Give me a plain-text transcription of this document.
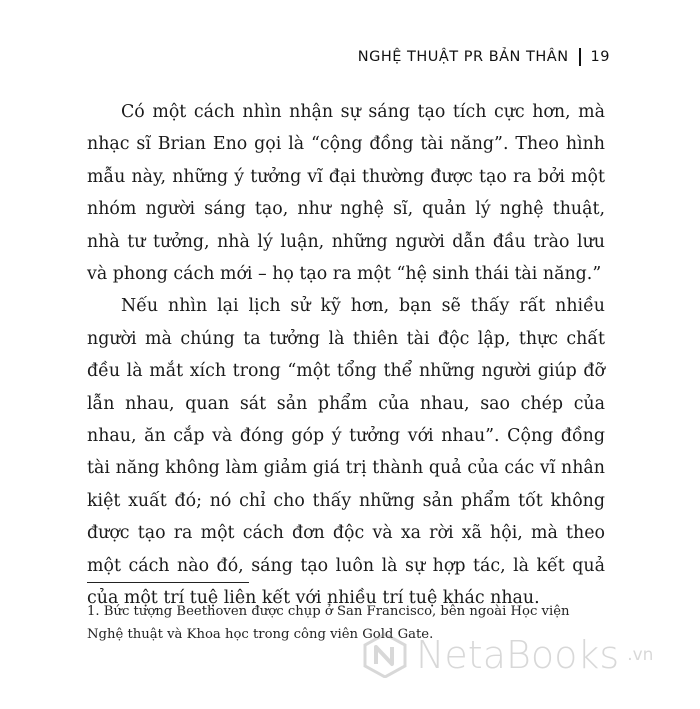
NGHỆ THUẬT PR BẢN THÂN 19

Có một cách nhìn nhận sự sáng tạo tích cực hơn, mà nhạc sĩ Brian Eno gọi là “cộng đồng tài năng”. Theo hình mẫu này, những ý tưởng vĩ đại thường được tạo ra bởi một nhóm người sáng tạo, như nghệ sĩ, quản lý nghệ thuật, nhà tư tưởng, nhà lý luận, những người dẫn đầu trào lưu và phong cách mới – họ tạo ra một “hệ sinh thái tài năng.”

Nếu nhìn lại lịch sử kỹ hơn, bạn sẽ thấy rất nhiều người mà chúng ta tưởng là thiên tài độc lập, thực chất đều là mắt xích trong “một tổng thể những người giúp đỡ lẫn nhau, quan sát sản phẩm của nhau, sao chép của nhau, ăn cắp và đóng góp ý tưởng với nhau”. Cộng đồng tài năng không làm giảm giá trị thành quả của các vĩ nhân kiệt xuất đó; nó chỉ cho thấy những sản phẩm tốt không được tạo ra một cách đơn độc và xa rời xã hội, mà theo một cách nào đó, sáng tạo luôn là sự hợp tác, là kết quả của một trí tuệ liên kết với nhiều trí tuệ khác nhau.

1. Bức tượng Beethoven được chụp ở San Francisco, bên ngoài Học viện Nghệ thuật và Khoa học trong công viên Gold Gate.
NetaBooks .vn
